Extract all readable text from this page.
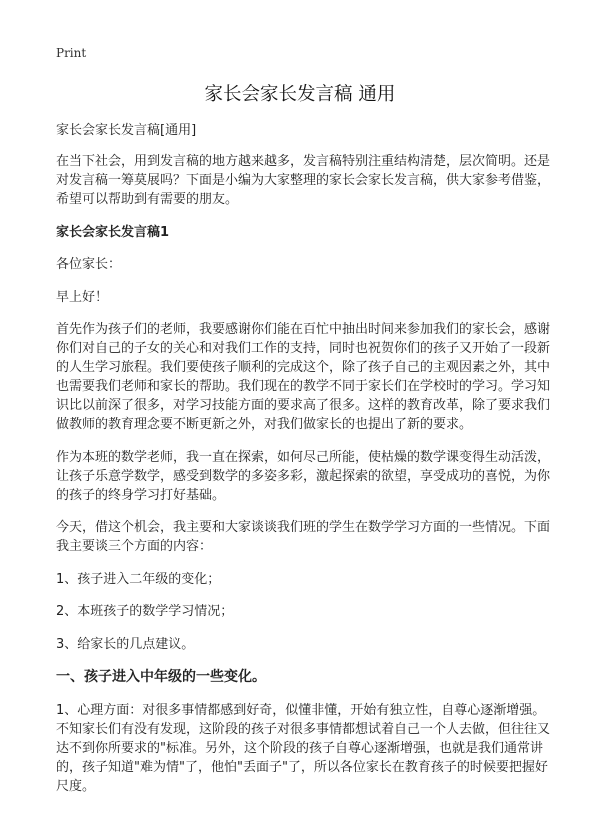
Print
家长会家长发言稿 通用

家长会家长发言稿[通用]

在当下社会，用到发言稿的地方越来越多，发言稿特别注重结构清楚，层次简明。还是对发言稿一筹莫展吗？下面是小编为大家整理的家长会家长发言稿，供大家参考借鉴，希望可以帮助到有需要的朋友。

家长会家长发言稿1

各位家长：

早上好！

首先作为孩子们的老师，我要感谢你们能在百忙中抽出时间来参加我们的家长会，感谢你们对自己的子女的关心和对我们工作的支持，同时也祝贺你们的孩子又开始了一段新的人生学习旅程。我们要使孩子顺利的完成这个，除了孩子自己的主观因素之外，其中也需要我们老师和家长的帮助。我们现在的教学不同于家长们在学校时的学习。学习知识比以前深了很多，对学习技能方面的要求高了很多。这样的教育改革，除了要求我们做教师的教育理念要不断更新之外，对我们做家长的也提出了新的要求。

作为本班的数学老师，我一直在探索，如何尽己所能，使枯燥的数学课变得生动活泼，让孩子乐意学数学，感受到数学的多姿多彩，激起探索的欲望，享受成功的喜悦，为你的孩子的终身学习打好基础。

今天，借这个机会，我主要和大家谈谈我们班的学生在数学学习方面的一些情况。下面我主要谈三个方面的内容：

1、孩子进入二年级的变化；

2、本班孩子的数学学习情况；

3、给家长的几点建议。

一、孩子进入中年级的一些变化。

1、心理方面：对很多事情都感到好奇，似懂非懂，开始有独立性，自尊心逐渐增强。不知家长们有没有发现，这阶段的孩子对很多事情都想试着自己一个人去做，但往往又达不到你所要求的"标准。另外，这个阶段的孩子自尊心逐渐增强，也就是我们通常讲的，孩子知道"难为情"了，他怕"丢面子"了，所以各位家长在教育孩子的时候要把握好尺度。
